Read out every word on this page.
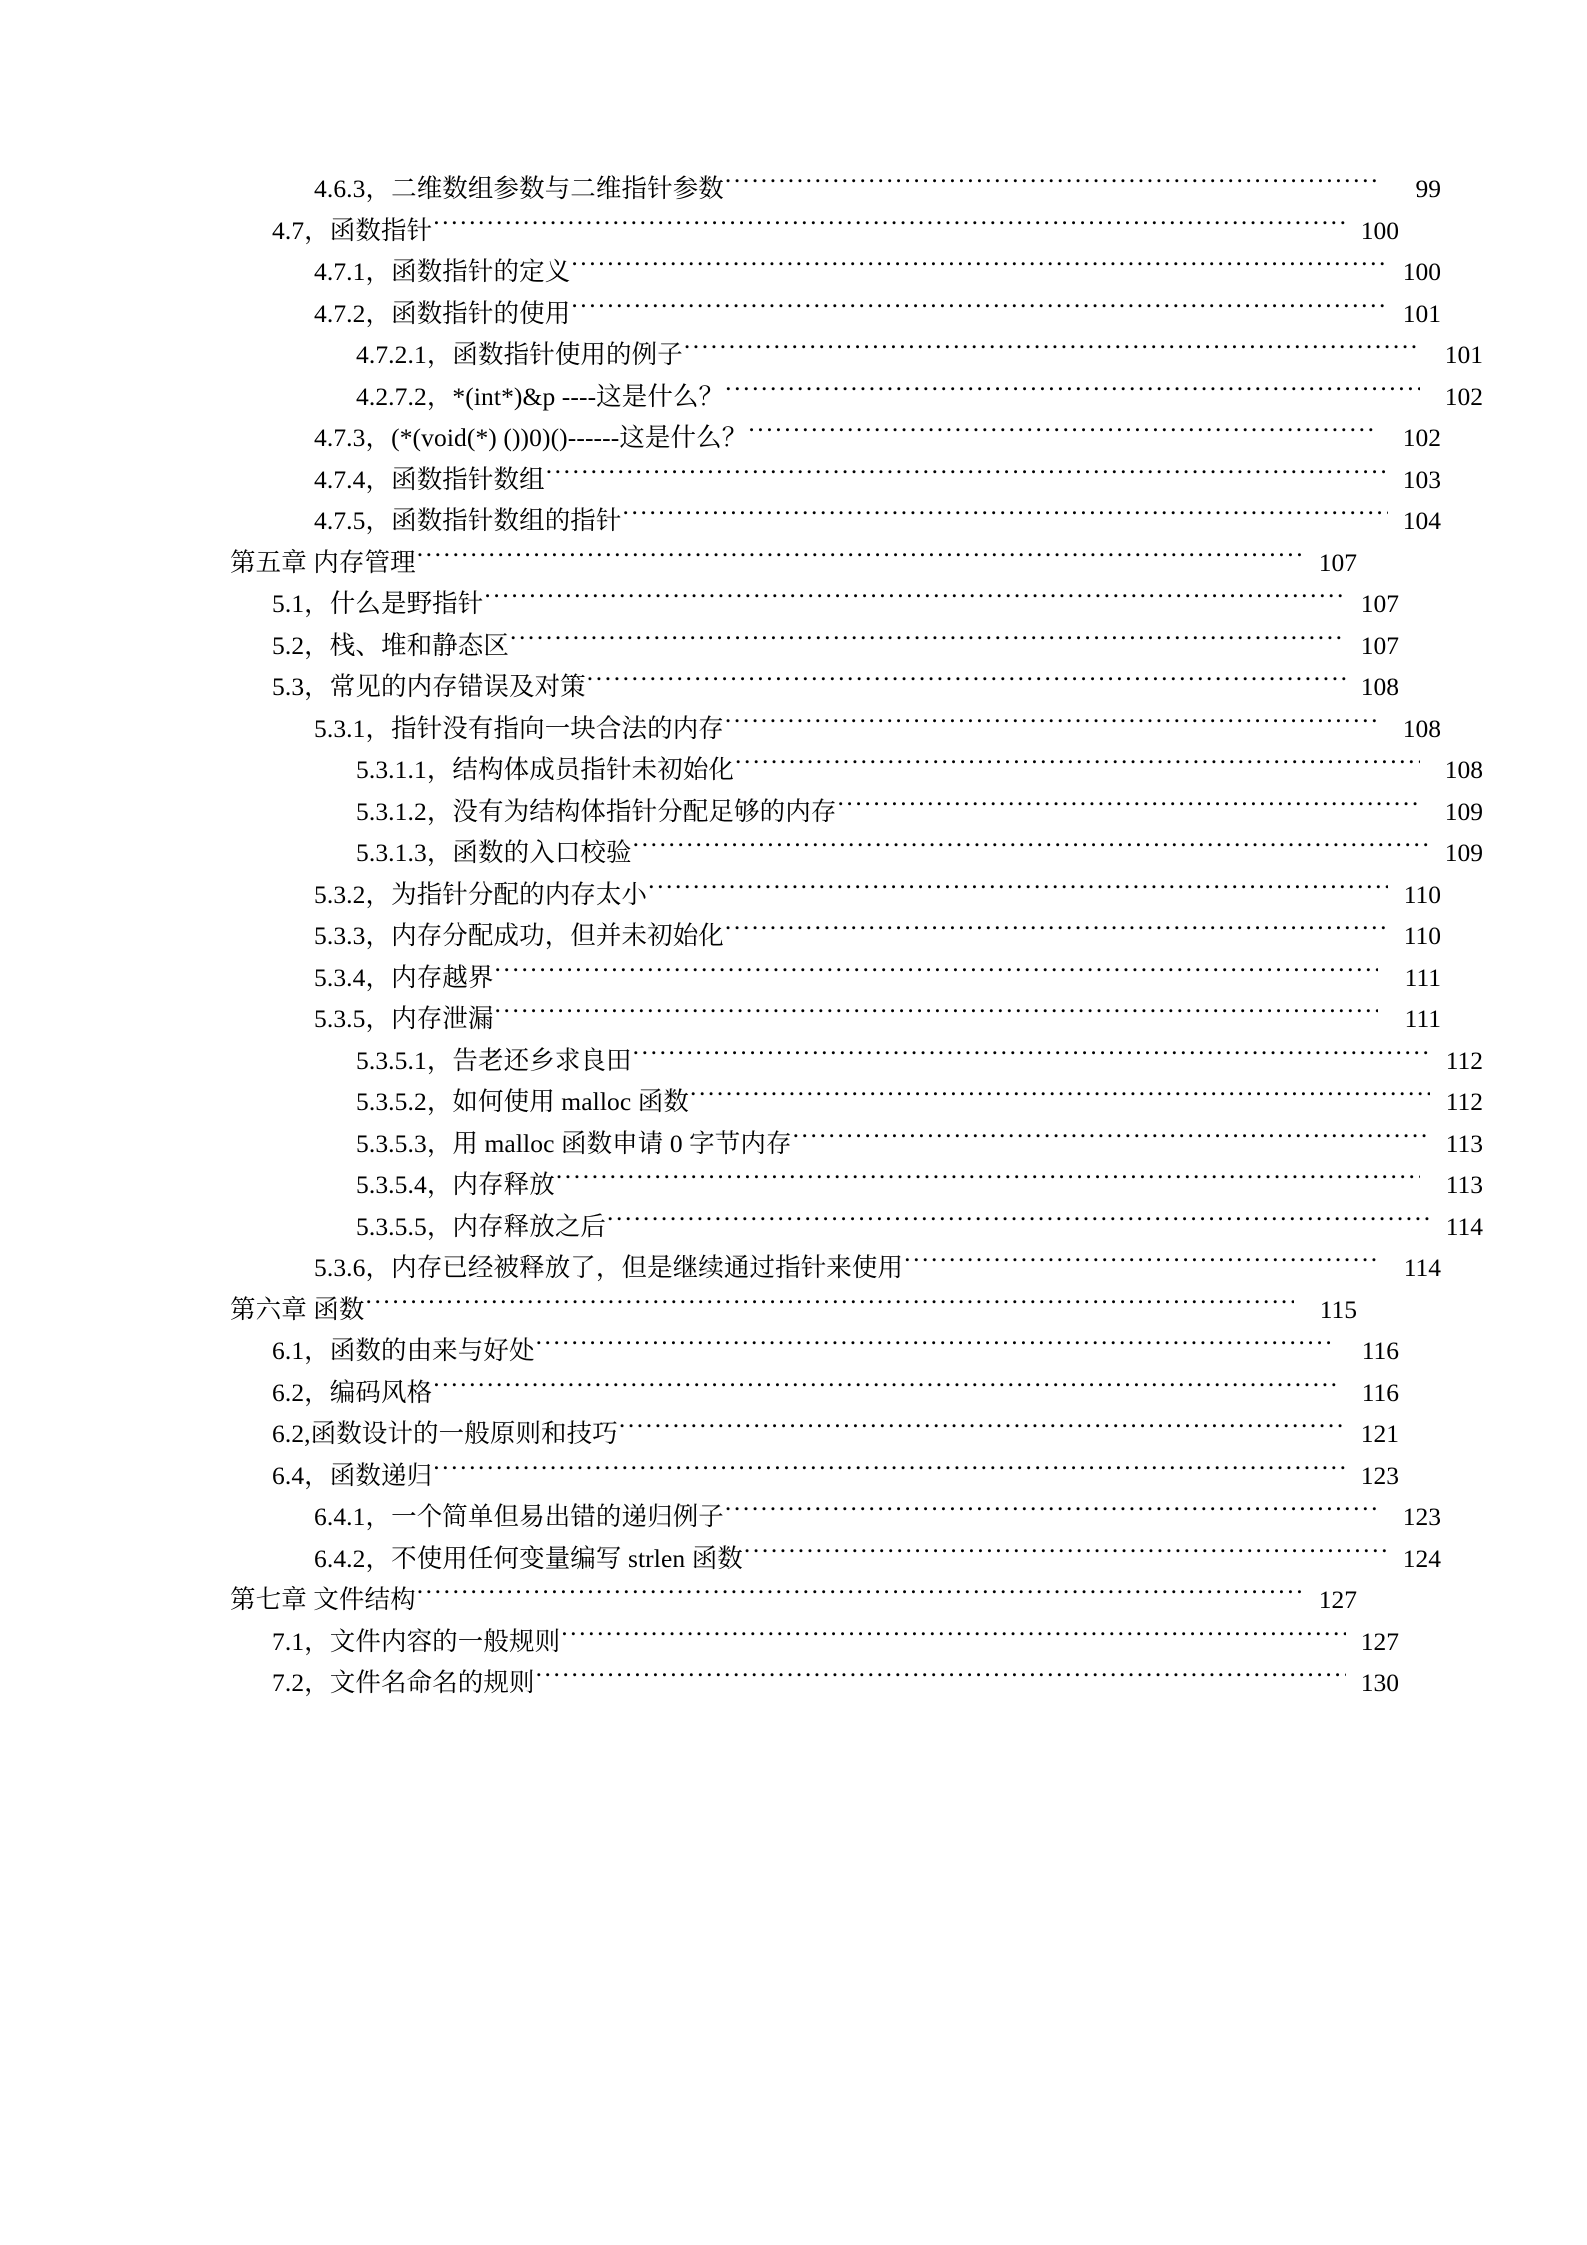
4.6.3，二维数组参数与二维指针参数 .....	99
4.7，函数指针 .....	100
4.7.1，函数指针的定义 .....	100
4.7.2，函数指针的使用 .....	101
4.7.2.1，函数指针使用的例子 .....	101
4.2.7.2，*(int*)&p ----这是什么？ .....	102
4.7.3，(*(void(*) ())0)()------这是什么？ .....	102
4.7.4，函数指针数组 .....	103
4.7.5，函数指针数组的指针 .....	104
第五章 内存管理 .....	107
5.1，什么是野指针 .....	107
5.2，栈、堆和静态区 .....	107
5.3，常见的内存错误及对策 .....	108
5.3.1，指针没有指向一块合法的内存 .....	108
5.3.1.1，结构体成员指针未初始化 .....	108
5.3.1.2，没有为结构体指针分配足够的内存 .....	109
5.3.1.3，函数的入口校验 .....	109
5.3.2，为指针分配的内存太小 .....	110
5.3.3，内存分配成功，但并未初始化 .....	110
5.3.4，内存越界 .....	111
5.3.5，内存泄漏 .....	111
5.3.5.1，告老还乡求良田 .....	112
5.3.5.2，如何使用 malloc 函数 .....	112
5.3.5.3，用 malloc 函数申请 0 字节内存 .....	113
5.3.5.4，内存释放 .....	113
5.3.5.5，内存释放之后 .....	114
5.3.6，内存已经被释放了，但是继续通过指针来使用 .....	114
第六章 函数 .....	115
6.1，函数的由来与好处 .....	116
6.2，编码风格 .....	116
6.2,函数设计的一般原则和技巧 .....	121
6.4，函数递归 .....	123
6.4.1，一个简单但易出错的递归例子 .....	123
6.4.2，不使用任何变量编写 strlen 函数 .....	124
第七章 文件结构 .....	127
7.1，文件内容的一般规则 .....	127
7.2，文件名命名的规则 .....	130
